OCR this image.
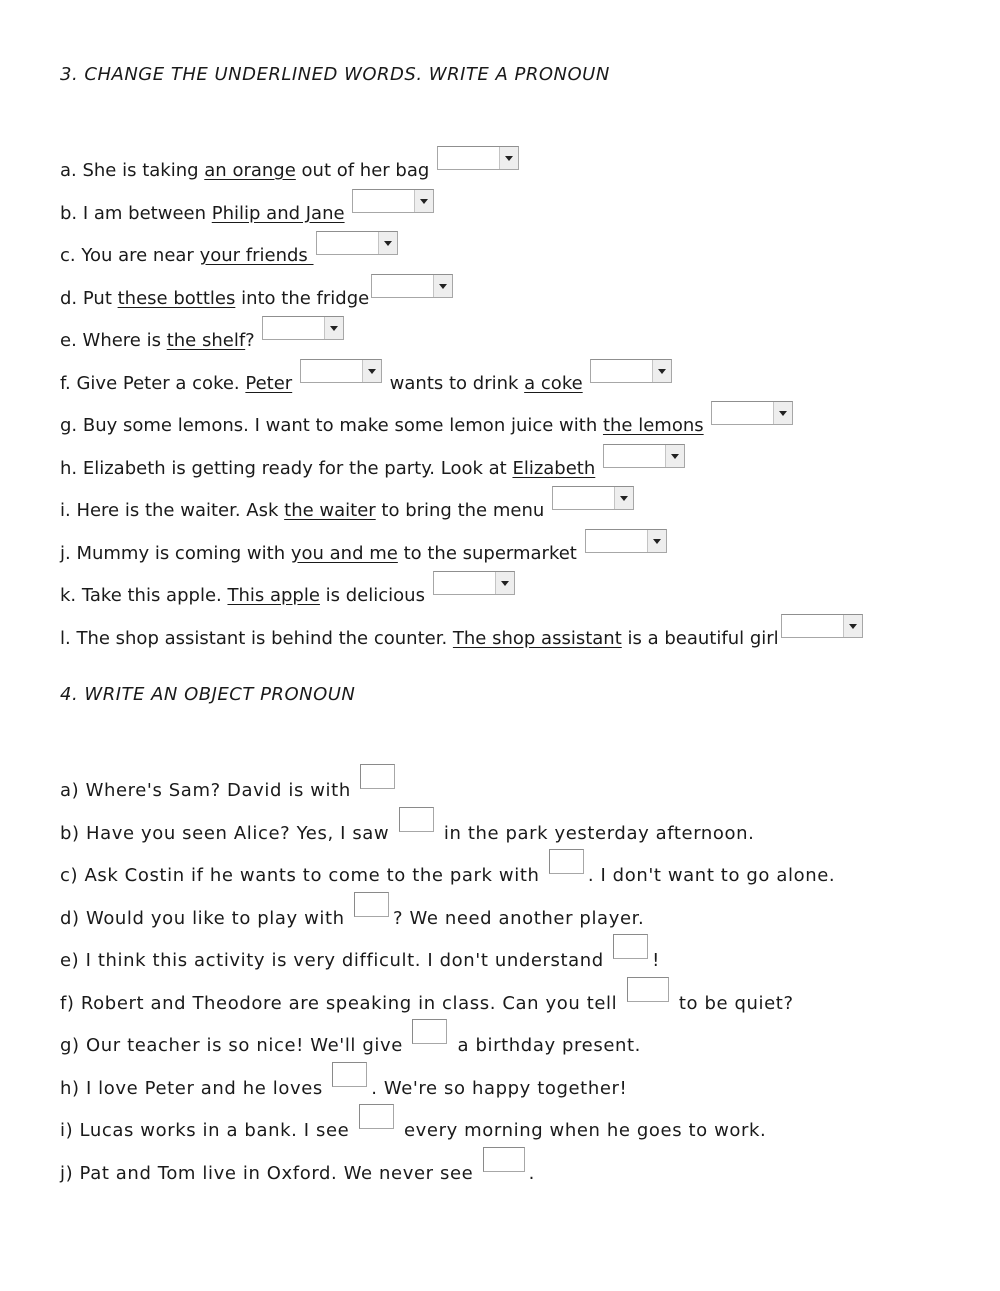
3. CHANGE THE UNDERLINED WORDS. WRITE A PRONOUN
a. She is taking an orange out of her bag
b. I am between Philip and Jane
c. You are near your friends
d. Put these bottles into the fridge
e. Where is the shelf?
f. Give Peter a coke. Peter	wants to drink a coke
g. Buy some lemons. I want to make some lemon juice with the lemons
h. Elizabeth is getting ready for the party. Look at Elizabeth
i. Here is the waiter. Ask the waiter to bring the menu
j. Mummy is coming with you and me to the supermarket
k. Take this apple. This apple is delicious
l. The shop assistant is behind the counter. The shop assistant is a beautiful girl
4. WRITE AN OBJECT PRONOUN
a) Where's Sam? David is with
b) Have you seen Alice? Yes, I saw  in the park yesterday afternoon.
c) Ask Costin if he wants to come to the park with . I don't want to go alone.
d) Would you like to play with ? We need another player.
e) I think this activity is very difficult. I don't understand !
f) Robert and Theodore are speaking in class. Can you tell	to be quiet?
g) Our teacher is so nice! We'll give  a birthday present.
h) I love Peter and he loves . We're so happy together!
i) Lucas works in a bank. I see  every morning when he goes to work.
j) Pat and Tom live in Oxford. We never see	.
